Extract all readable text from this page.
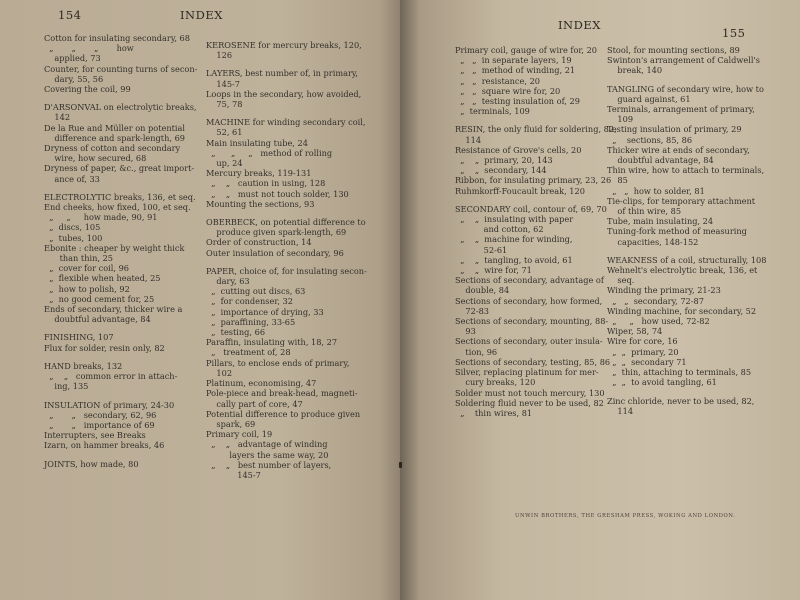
154	INDEX
Cotton for insulating secondary, 68
„       „       „       how
applied, 73
Counter, for counting turns of secon-
dary, 55, 56
Covering the coil, 99
D'ARSONVAL on electrolytic breaks,
142
De la Rue and Müller on potential
difference and spark-length, 69
Dryness of cotton and secondary
wire, how secured, 68
Dryness of paper, &c., great import-
ance of, 33
ELECTROLYTIC breaks, 136, et seq.
End cheeks, how fixed, 100, et seq.
„     „     how made, 90, 91
„  discs, 105
„  tubes, 100
Ebonite : cheaper by weight thick
than thin, 25
„  cover for coil, 96
„  flexible when heated, 25
„  how to polish, 92
„  no good cement for, 25
Ends of secondary, thicker wire a
doubtful advantage, 84
FINISHING, 107
Flux for solder, resin only, 82
HAND breaks, 132
„    „   common error in attach-
ing, 135
INSULATION of primary, 24-30
„       „   secondary, 62, 96
„       „   importance of 69
Interrupters, see Breaks
Izarn, on hammer breaks, 46
JOINTS, how made, 80
KEROSENE for mercury breaks, 120,
126
LAYERS, best number of, in primary,
145-7
Loops in the secondary, how avoided,
75, 78
MACHINE for winding secondary coil,
52, 61
Main insulating tube, 24
„      „     „   method of rolling
up, 24
Mercury breaks, 119-131
„    „   caution in using, 128
„    „   must not touch solder, 130
Mounting the sections, 93
OBERBECK, on potential difference to
produce given spark-length, 69
Order of construction, 14
Outer insulation of secondary, 96
PAPER, choice of, for insulating secon-
dary, 63
„  cutting out discs, 63
„  for condenser, 32
„  importance of drying, 33
„  paraffining, 33-65
„  testing, 66
Paraffin, insulating with, 18, 27
„   treatment of, 28
Pillars, to enclose ends of primary,
102
Platinum, economising, 47
Pole-piece and break-head, magneti-
cally part of core, 47
Potential difference to produce given
spark, 69
Primary coil, 19
„    „   advantage of winding
layers the same way, 20
„    „   best number of layers,
145-7
INDEX
155
Primary coil, gauge of wire for, 20
„   „  in separate layers, 19
„   „  method of winding, 21
„   „  resistance, 20
„   „  square wire for, 20
„   „  testing insulation of, 29
„  terminals, 109
RESIN, the only fluid for soldering, 82,
114
Resistance of Grove's cells, 20
„    „  primary, 20, 143
„    „  secondary, 144
Ribbon, for insulating primary, 23, 26
Ruhmkorff-Foucault break, 120
SECONDARY coil, contour of, 69, 70
„    „  insulating with paper
and cotton, 62
„    „  machine for winding,
52-61
„    „  tangling, to avoid, 61
„    „  wire for, 71
Sections of secondary, advantage of
double, 84
Sections of secondary, how formed,
72-83
Sections of secondary, mounting, 88-
93
Sections of secondary, outer insula-
tion, 96
Sections of secondary, testing, 85, 86
Silver, replacing platinum for mer-
cury breaks, 120
Solder must not touch mercury, 130
Soldering fluid never to be used, 82
„    thin wires, 81
Stool, for mounting sections, 89
Swinton's arrangement of Caldwell's
break, 140
TANGLING of secondary wire, how to
guard against, 61
Terminals, arrangement of primary,
109
Testing insulation of primary, 29
„    sections, 85, 86
Thicker wire at ends of secondary,
doubtful advantage, 84
Thin wire, how to attach to terminals,
85
„   „  how to solder, 81
Tie-clips, for temporary attachment
of thin wire, 85
Tube, main insulating, 24
Tuning-fork method of measuring
capacities, 148-152
WEAKNESS of a coil, structurally, 108
Wehnelt's electrolytic break, 136, et
seq.
Winding the primary, 21-23
„   „  secondary, 72-87
Winding machine, for secondary, 52
„     „   how used, 72-82
Wiper, 58, 74
Wire for core, 16
„  „  primary, 20
„  „  secondary 71
„  thin, attaching to terminals, 85
„  „  to avoid tangling, 61
Zinc chloride, never to be used, 82,
114
UNWIN BROTHERS, THE GRESHAM PRESS, WOKING AND LONDON.
